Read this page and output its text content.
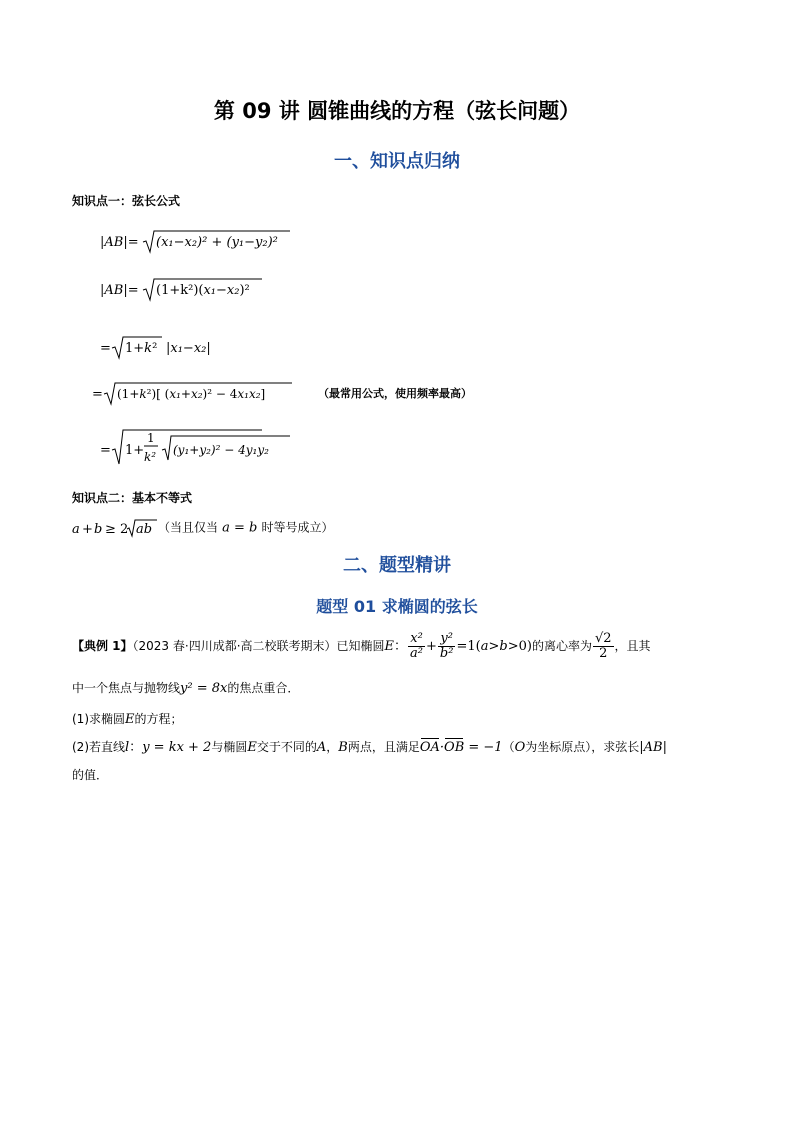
第 09 讲 圆锥曲线的方程（弦长问题）
一、知识点归纳
知识点一：弦长公式
|AB|= (x₁−x₂)² + (y₁−y₂)²
|AB|= (1+k²)(x₁−x₂)²
= 1+k² |x₁−x₂|
= (1+k²)[ (x₁+x₂)² − 4x₁x₂]	（最常用公式，使用频率最高）
= 1+
1
k² (y₁+y₂)² − 4y₁y₂
知识点二：基本不等式
a + b ≥ 2 ab （当且仅当 a = b 时等号成立）
二、题型精讲
题型 01 求椭圆的弦长
【典例 1】（2023 春·四川成都·高二校联考期末）已知椭圆E： $\frac{\text{x²}}{\text{a²}} + \frac{\text{y²}}{\text{b²}} =1(a>b>0)$的离心率为 $\frac{√2}{2}$ ，且其
中一个焦点与抛物线y² = 8x的焦点重合．
(1)求椭圆E的方程；
(2)若直线l：y = kx + 2与椭圆E交于不同的A，B两点，且满足OA·OB = −1（O为坐标原点），求弦长|AB|
的值．
